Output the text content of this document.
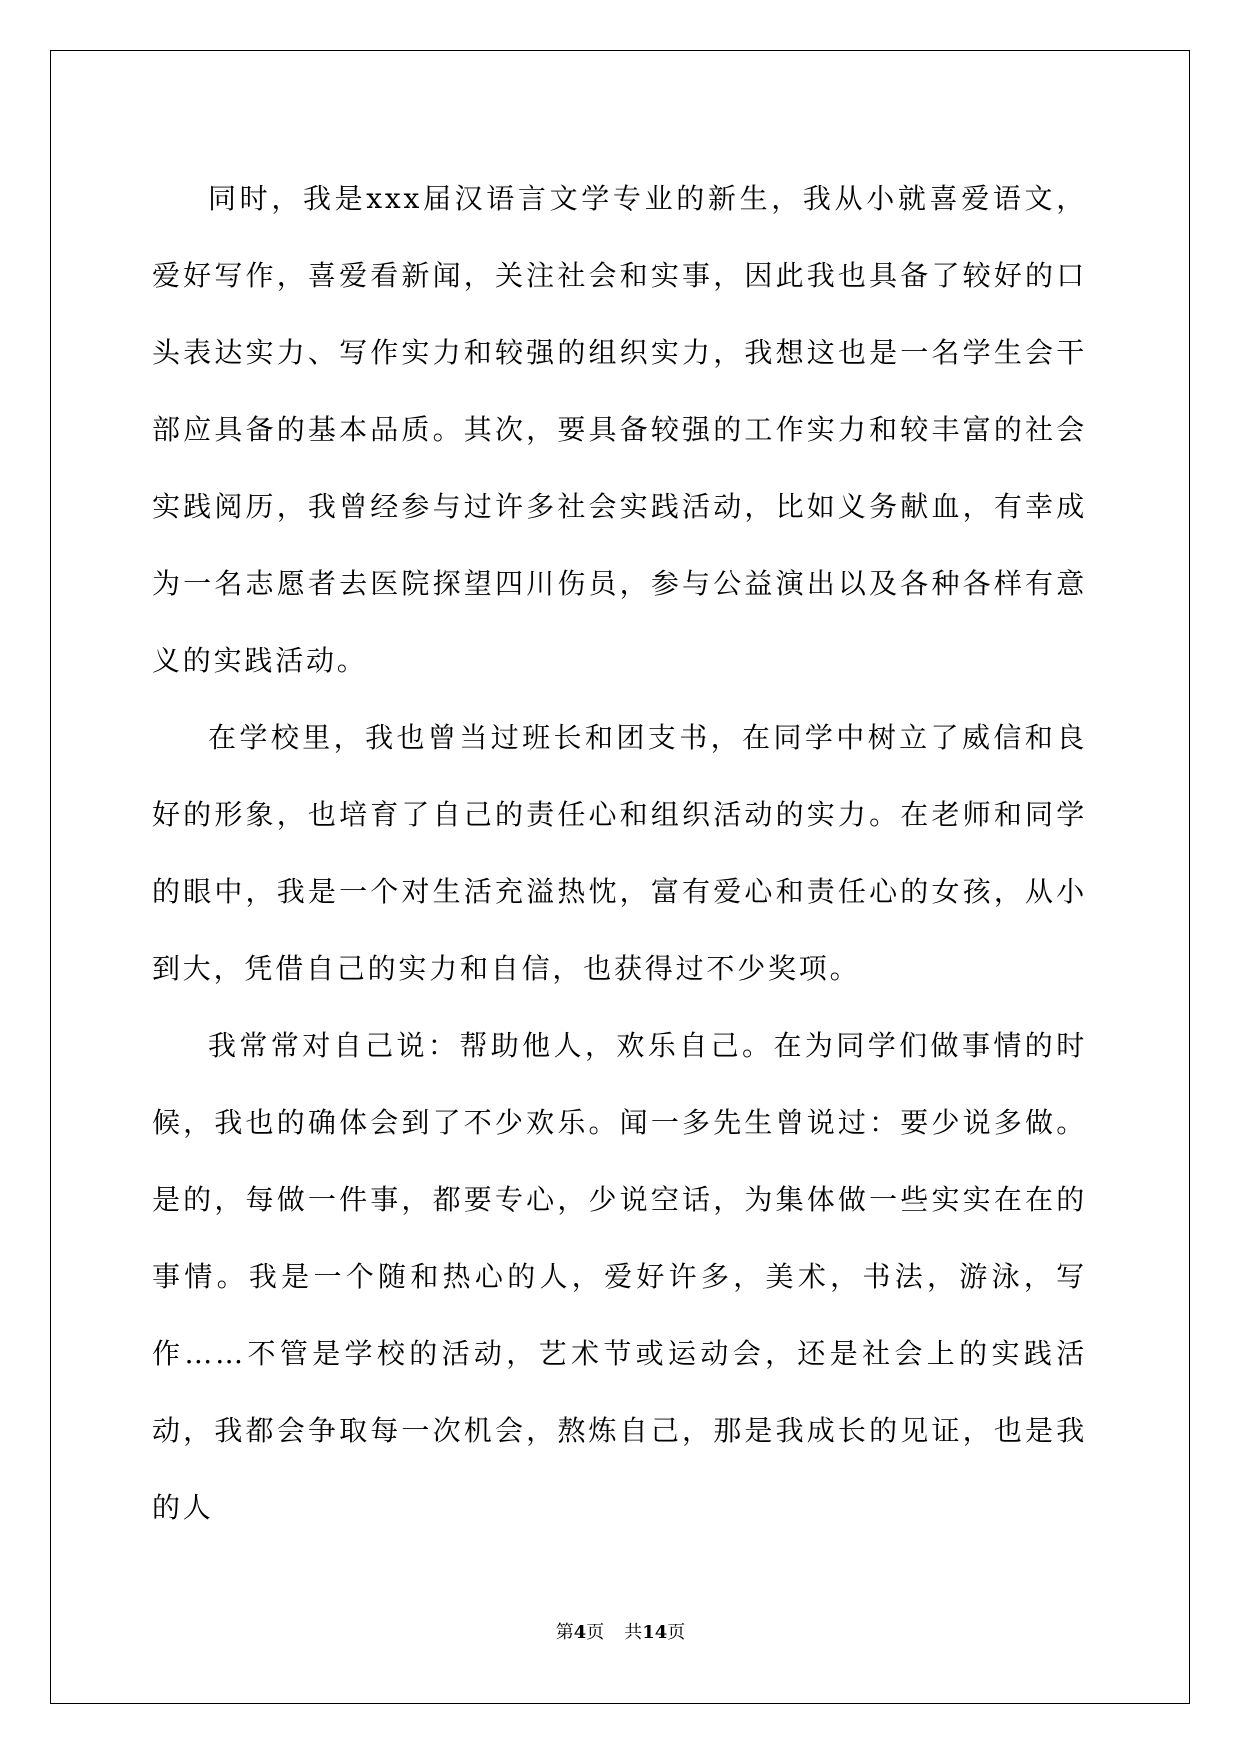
同时，我是xxx届汉语言文学专业的新生，我从小就喜爱语文，爱好写作，喜爱看新闻，关注社会和实事，因此我也具备了较好的口头表达实力、写作实力和较强的组织实力，我想这也是一名学生会干部应具备的基本品质。其次，要具备较强的工作实力和较丰富的社会实践阅历，我曾经参与过许多社会实践活动，比如义务献血，有幸成为一名志愿者去医院探望四川伤员，参与公益演出以及各种各样有意义的实践活动。

在学校里，我也曾当过班长和团支书，在同学中树立了威信和良好的形象，也培育了自己的责任心和组织活动的实力。在老师和同学的眼中，我是一个对生活充溢热忱，富有爱心和责任心的女孩，从小到大，凭借自己的实力和自信，也获得过不少奖项。

我常常对自己说：帮助他人，欢乐自己。在为同学们做事情的时候，我也的确体会到了不少欢乐。闻一多先生曾说过：要少说多做。是的，每做一件事，都要专心，少说空话，为集体做一些实实在在的事情。我是一个随和热心的人，爱好许多，美术，书法，游泳，写作……不管是学校的活动，艺术节或运动会，还是社会上的实践活动，我都会争取每一次机会，熬炼自己，那是我成长的见证，也是我的人

第4页 共14页
